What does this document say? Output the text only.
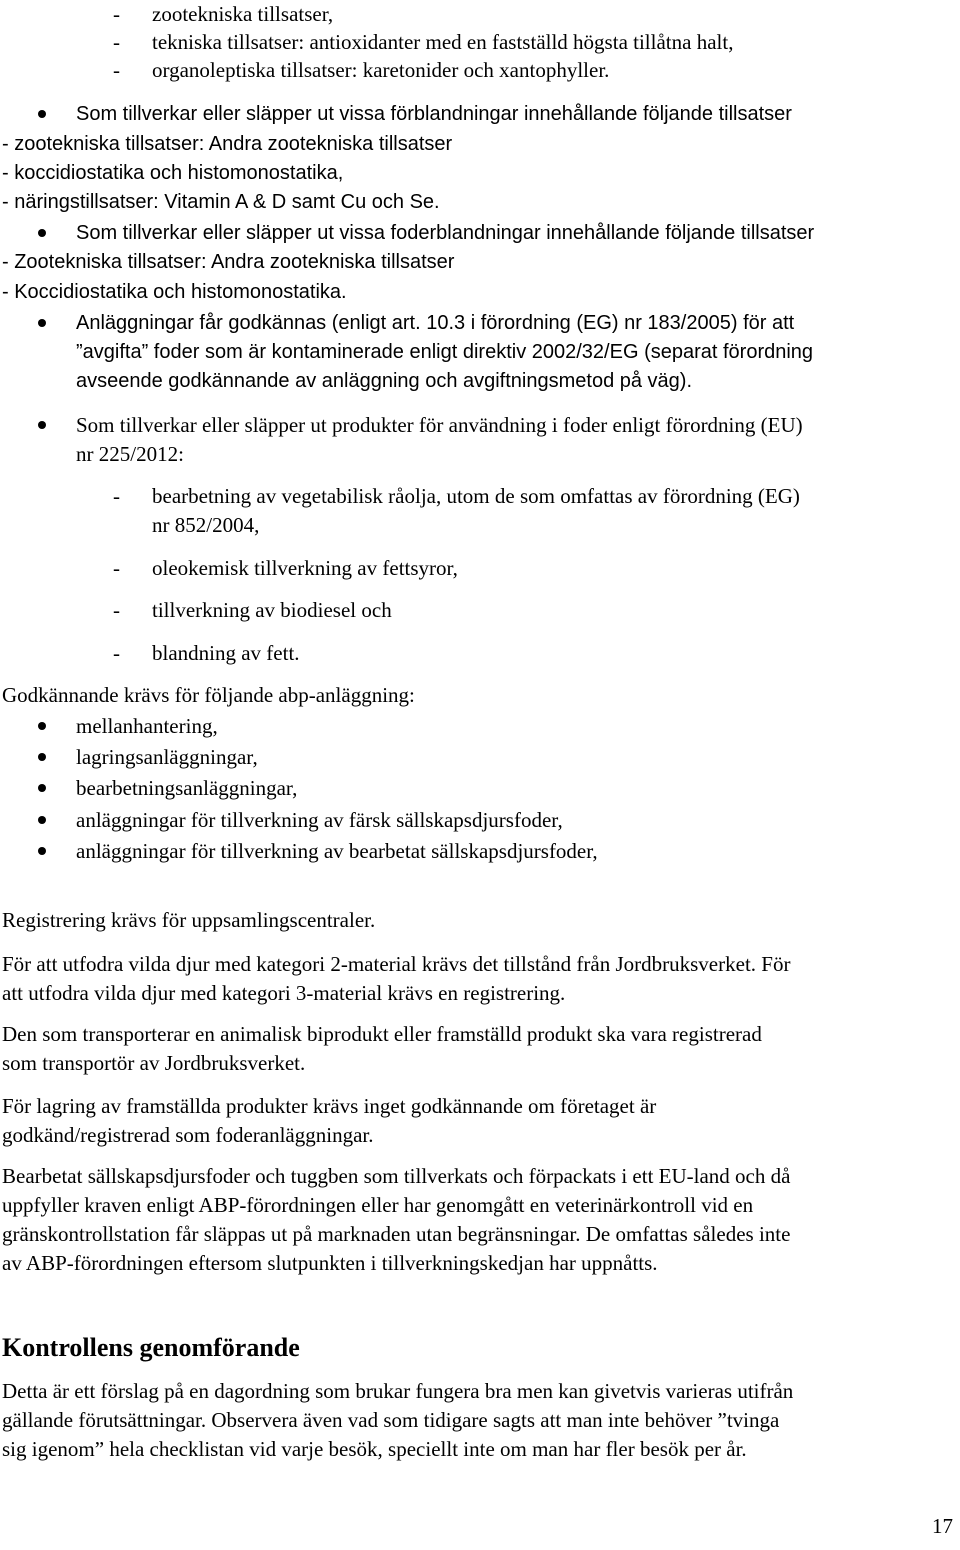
- zootekniska tillsatser,
- tekniska tillsatser: antioxidanter med en fastställd högsta tillåtna halt,
- organoleptiska tillsatser: karetonider och xantophyller.
Som tillverkar eller släpper ut vissa förblandningar innehållande följande tillsatser
- zootekniska tillsatser: Andra zootekniska tillsatser
- koccidiostatika och histomonostatika,
- näringstillsatser: Vitamin A & D samt Cu och Se.
Som tillverkar eller släpper ut vissa foderblandningar innehållande följande tillsatser
- Zootekniska tillsatser: Andra zootekniska tillsatser
- Koccidiostatika och histomonostatika.
Anläggningar får godkännas (enligt art. 10.3 i förordning (EG) nr 183/2005) för att
”avgifta” foder som är kontaminerade enligt direktiv 2002/32/EG (separat förordning
avseende godkännande av anläggning och avgiftningsmetod på väg).
Som tillverkar eller släpper ut produkter för användning i foder enligt förordning (EU)
nr 225/2012:
- bearbetning av vegetabilisk råolja, utom de som omfattas av förordning (EG)
nr 852/2004,
- oleokemisk tillverkning av fettsyror,
- tillverkning av biodiesel och
- blandning av fett.
Godkännande krävs för följande abp-anläggning:
mellanhantering,
lagringsanläggningar,
bearbetningsanläggningar,
anläggningar för tillverkning av färsk sällskapsdjursfoder,
anläggningar för tillverkning av bearbetat sällskapsdjursfoder,
Registrering krävs för uppsamlingscentraler.
För att utfodra vilda djur med kategori 2-material krävs det tillstånd från Jordbruksverket. För
att utfodra vilda djur med kategori 3-material krävs en registrering.
Den som transporterar en animalisk biprodukt eller framställd produkt ska vara registrerad
som transportör av Jordbruksverket.
För lagring av framställda produkter krävs inget godkännande om företaget är
godkänd/registrerad som foderanläggningar.
Bearbetat sällskapsdjursfoder och tuggben som tillverkats och förpackats i ett EU-land och då
uppfyller kraven enligt ABP-förordningen eller har genomgått en veterinärkontroll vid en
gränskontrollstation får släppas ut på marknaden utan begränsningar. De omfattas således inte
av ABP-förordningen eftersom slutpunkten i tillverkningskedjan har uppnåtts.
Kontrollens genomförande
Detta är ett förslag på en dagordning som brukar fungera bra men kan givetvis varieras utifrån
gällande förutsättningar. Observera även vad som tidigare sagts att man inte behöver ”tvinga
sig igenom” hela checklistan vid varje besök, speciellt inte om man har fler besök per år.
17
